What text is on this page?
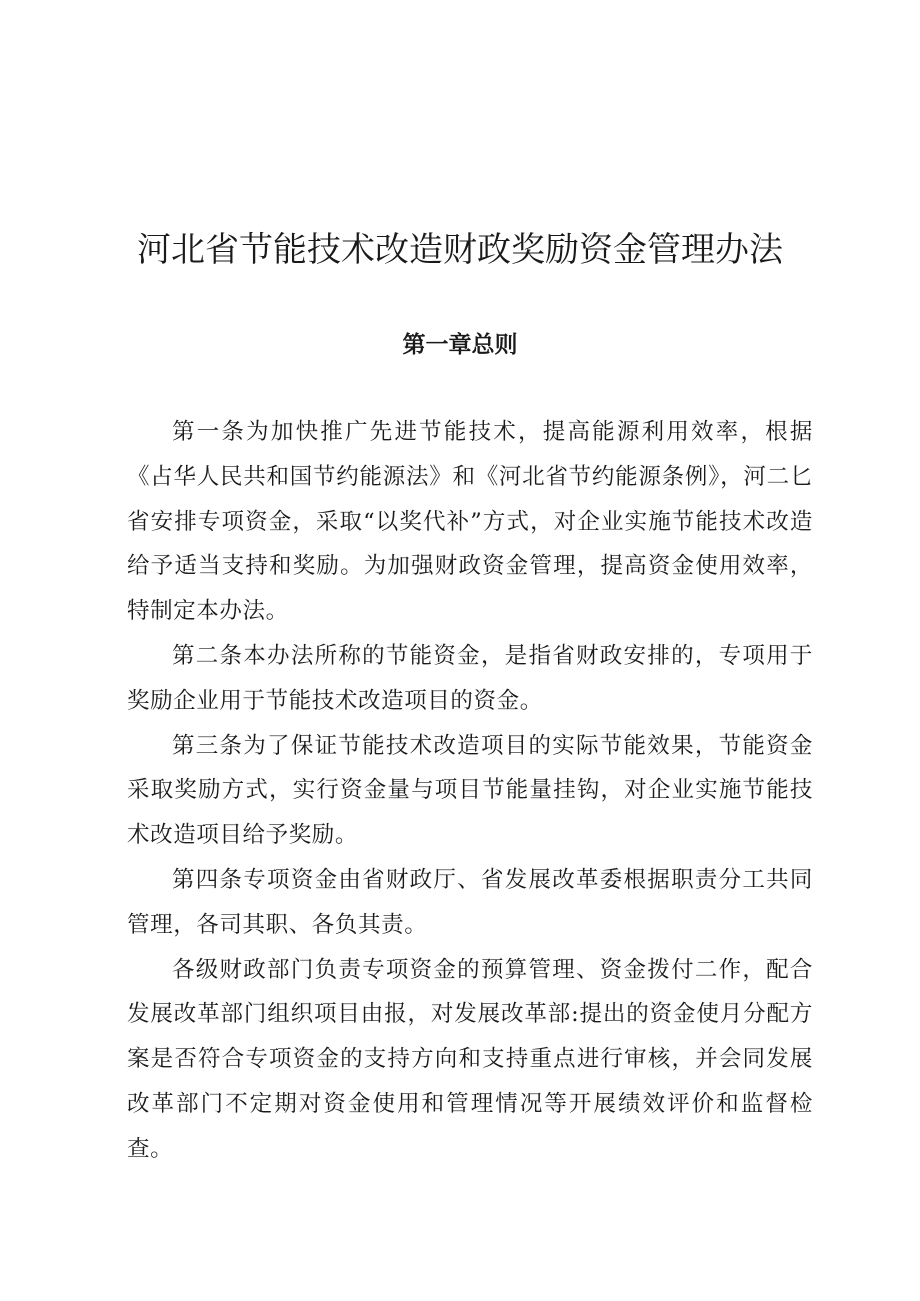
河北省节能技术改造财政奖励资金管理办法
第一章总则

第一条为加快推广先进节能技术，提高能源利用效率，根据《占华人民共和国节约能源法》和《河北省节约能源条例》，河二匕省安排专项资金，采取“以奖代补”方式，对企业实施节能技术改造给予适当支持和奖励。为加强财政资金管理，提高资金使用效率，特制定本办法。

第二条本办法所称的节能资金，是指省财政安排的，专项用于奖励企业用于节能技术改造项目的资金。

第三条为了保证节能技术改造项目的实际节能效果，节能资金采取奖励方式，实行资金量与项目节能量挂钩，对企业实施节能技术改造项目给予奖励。

第四条专项资金由省财政厅、省发展改革委根据职责分工共同管理，各司其职、各负其责。

各级财政部门负责专项资金的预算管理、资金拨付二作，配合发展改革部门组织项目由报，对发展改革部:提出的资金使月分配方案是否符合专项资金的支持方向和支持重点进行审核，并会同发展改革部门不定期对资金使用和管理情况等开展绩效评价和监督检查。
